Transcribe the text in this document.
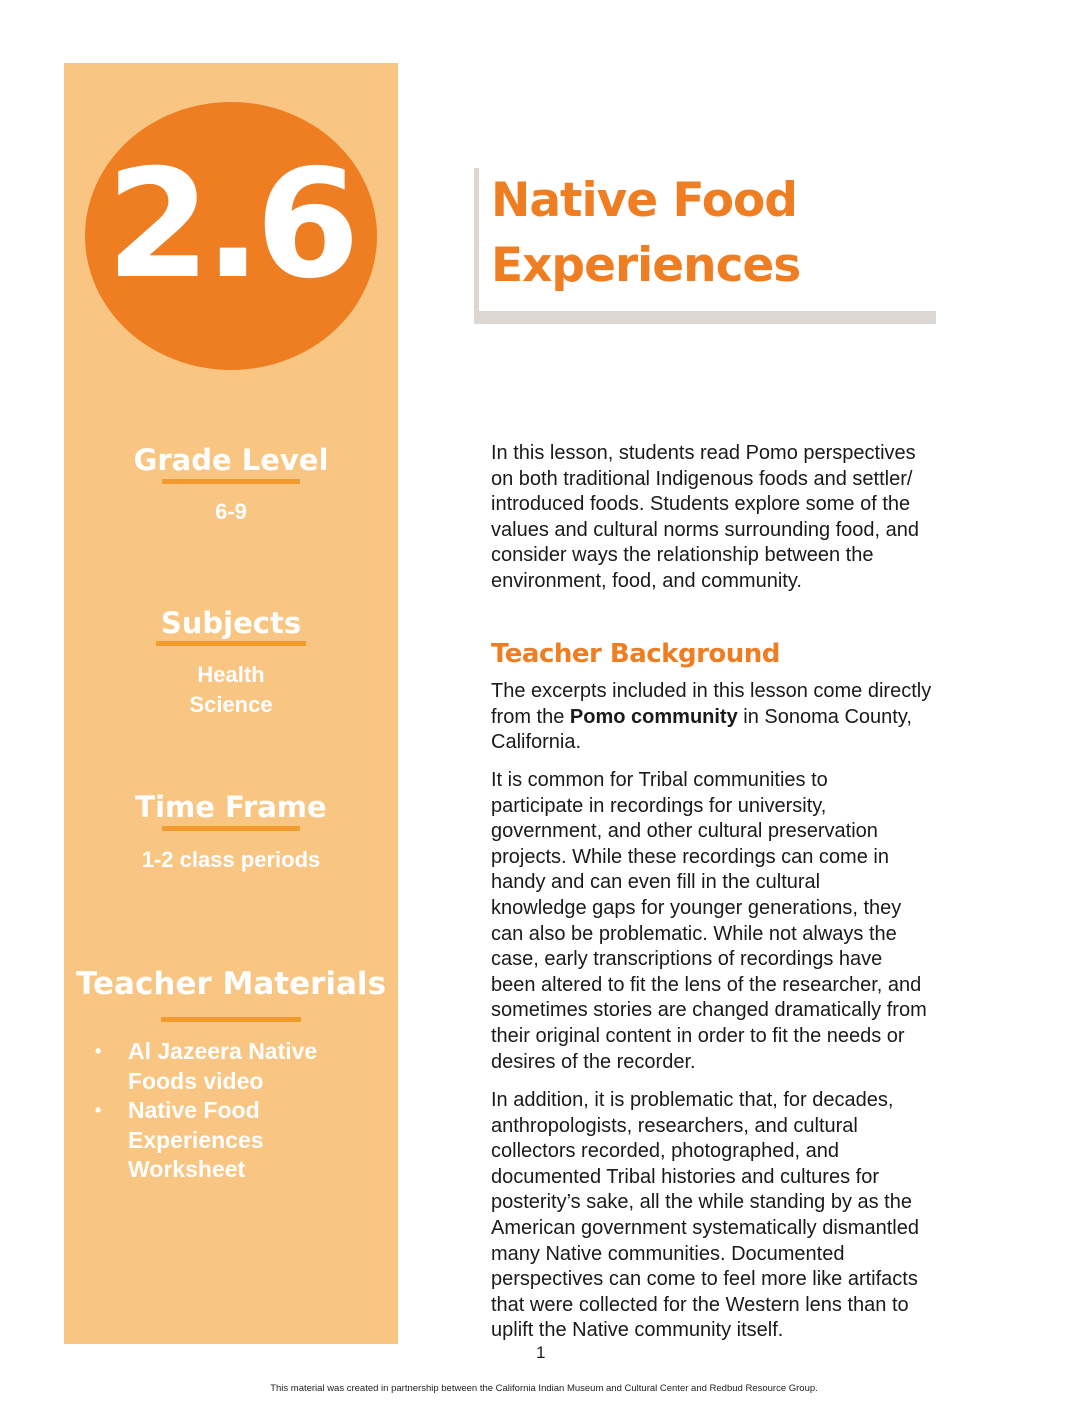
2.6
Grade Level
6-9
Subjects
Health
Science
Time Frame
1-2 class periods
Teacher Materials
• Al Jazeera Native
Foods video
• Native Food
Experiences
Worksheet
Native Food
Experiences

In this lesson, students read Pomo perspectives
on both traditional Indigenous foods and settler/
introduced foods. Students explore some of the
values and cultural norms surrounding food, and
consider ways the relationship between the
environment, food, and community.

Teacher Background

The excerpts included in this lesson come directly
from the Pomo community in Sonoma County,
California.

It is common for Tribal communities to
participate in recordings for university,
government, and other cultural preservation
projects. While these recordings can come in
handy and can even fill in the cultural
knowledge gaps for younger generations, they
can also be problematic. While not always the
case, early transcriptions of recordings have
been altered to fit the lens of the researcher, and
sometimes stories are changed dramatically from
their original content in order to fit the needs or
desires of the recorder.

In addition, it is problematic that, for decades,
anthropologists, researchers, and cultural
collectors recorded, photographed, and
documented Tribal histories and cultures for
posterity’s sake, all the while standing by as the
American government systematically dismantled
many Native communities. Documented
perspectives can come to feel more like artifacts
that were collected for the Western lens than to
uplift the Native community itself.

1
This material was created in partnership between the California Indian Museum and Cultural Center and Redbud Resource Group.
